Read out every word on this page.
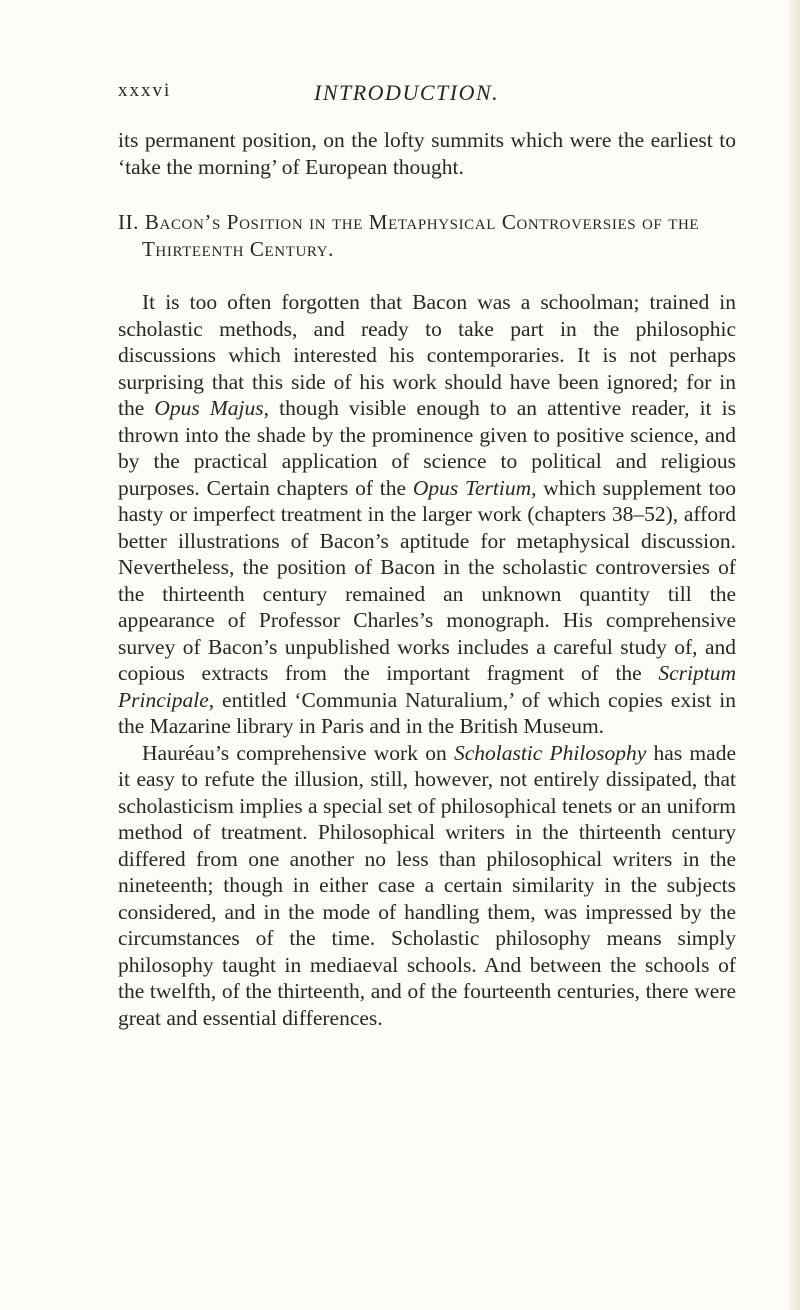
xxxvi	INTRODUCTION.

its permanent position, on the lofty summits which were the earliest to ‘take the morning’ of European thought.

II. Bacon’s Position in the Metaphysical Controversies of the Thirteenth Century.

It is too often forgotten that Bacon was a schoolman; trained in scholastic methods, and ready to take part in the philosophic discussions which interested his contemporaries. It is not perhaps surprising that this side of his work should have been ignored; for in the Opus Majus, though visible enough to an attentive reader, it is thrown into the shade by the prominence given to positive science, and by the practical application of science to political and religious purposes. Certain chapters of the Opus Tertium, which supplement too hasty or imperfect treatment in the larger work (chapters 38–52), afford better illustrations of Bacon’s aptitude for metaphysical discussion. Nevertheless, the position of Bacon in the scholastic controversies of the thirteenth century remained an unknown quantity till the appearance of Professor Charles’s monograph. His comprehensive survey of Bacon’s unpublished works includes a careful study of, and copious extracts from the important fragment of the Scriptum Principale, entitled ‘Communia Naturalium,’ of which copies exist in the Mazarine library in Paris and in the British Museum.

Hauréau’s comprehensive work on Scholastic Philosophy has made it easy to refute the illusion, still, however, not entirely dissipated, that scholasticism implies a special set of philosophical tenets or an uniform method of treatment. Philosophical writers in the thirteenth century differed from one another no less than philosophical writers in the nineteenth; though in either case a certain similarity in the subjects considered, and in the mode of handling them, was impressed by the circumstances of the time. Scholastic philosophy means simply philosophy taught in mediaeval schools. And between the schools of the twelfth, of the thirteenth, and of the fourteenth centuries, there were great and essential differences.
